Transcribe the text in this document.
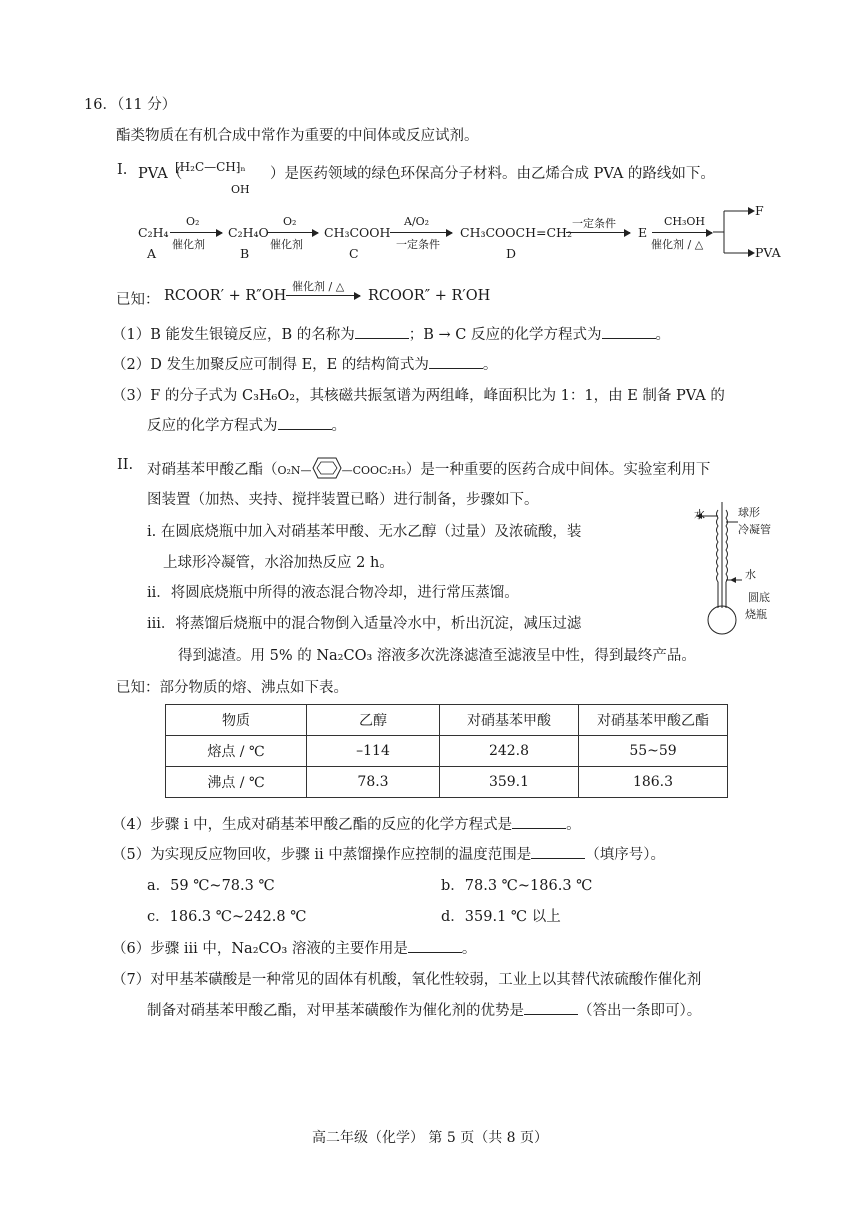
16．（11 分）
酯类物质在有机合成中常作为重要的中间体或反应试剂。
I. PVA（
⁅H₂C—CH⁆ₙ
OH
）是医药领域的绿色环保高分子材料。由乙烯合成 PVA 的路线如下。
C₂H₄
A
O₂
催化剂
C₂H₄O
B
O₂
催化剂
CH₃COOH
C
A/O₂
一定条件
CH₃COOCH=CH₂
D
一定条件
E
CH₃OH
催化剂 / △
F
PVA
已知： RCOOR′ + R″OH
催化剂 / △
RCOOR″ + R′OH
（1）B 能发生银镜反应，B 的名称为	；B → C 反应的化学方程式为	。
（2）D 发生加聚反应可制得 E，E 的结构简式为	。
（3）F 的分子式为 C₃H₆O₂，其核磁共振氢谱为两组峰，峰面积比为 1：1，由 E 制备 PVA 的
反应的化学方程式为	。
II. 对硝基苯甲酸乙酯（O₂N—	—COOC₂H₅）是一种重要的医药合成中间体。实验室利用下
图装置（加热、夹持、搅拌装置已略）进行制备，步骤如下。
i. 在圆底烧瓶中加入对硝基苯甲酸、无水乙醇（过量）及浓硫酸，装
上球形冷凝管，水浴加热反应 2 h。
ii．将圆底烧瓶中所得的液态混合物冷却，进行常压蒸馏。
iii．将蒸馏后烧瓶中的混合物倒入适量冷水中，析出沉淀，减压过滤
得到滤渣。用 5% 的 Na₂CO₃ 溶液多次洗涤滤渣至滤液呈中性，得到最终产品。
水	球形
冷凝管
水
圆底
烧瓶
已知：部分物质的熔、沸点如下表。
物质	乙醇	对硝基苯甲酸	对硝基苯甲酸乙酯
熔点 / ℃	–114	242.8	55~59
沸点 / ℃	78.3	359.1	186.3
（4）步骤 i 中，生成对硝基苯甲酸乙酯的反应的化学方程式是	。
（5）为实现反应物回收，步骤 ii 中蒸馏操作应控制的温度范围是	（填序号）。
a．59 ℃~78.3 ℃	b．78.3 ℃~186.3 ℃
c．186.3 ℃~242.8 ℃	d．359.1 ℃ 以上
（6）步骤 iii 中，Na₂CO₃ 溶液的主要作用是	。
（7）对甲基苯磺酸是一种常见的固体有机酸，氧化性较弱，工业上以其替代浓硫酸作催化剂
制备对硝基苯甲酸乙酯，对甲基苯磺酸作为催化剂的优势是	（答出一条即可）。
高二年级（化学） 第 5 页（共 8 页）
